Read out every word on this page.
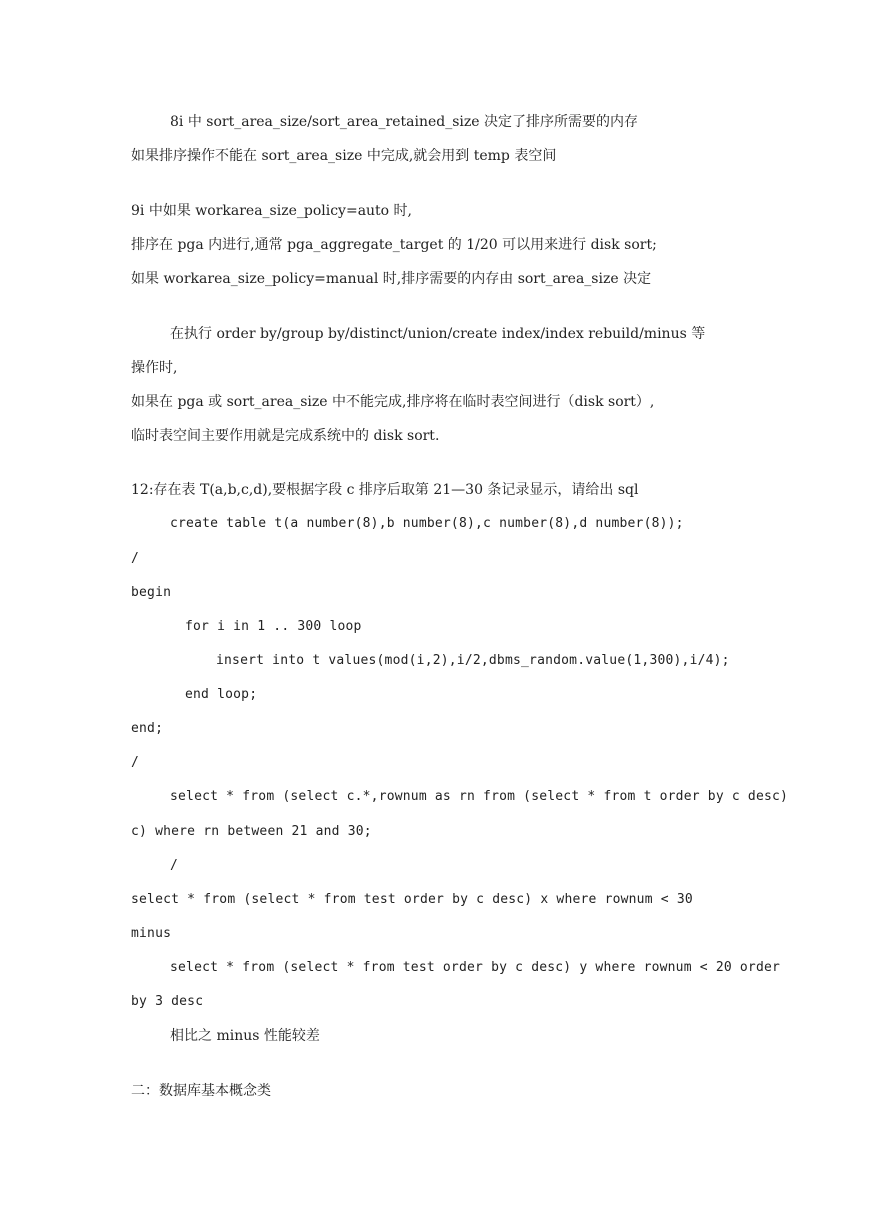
8i 中 sort_area_size/sort_area_retained_size 决定了排序所需要的内存
如果排序操作不能在 sort_area_size 中完成,就会用到 temp 表空间
9i 中如果 workarea_size_policy=auto 时,
排序在 pga 内进行,通常 pga_aggregate_target 的 1/20 可以用来进行 disk sort;
如果 workarea_size_policy=manual 时,排序需要的内存由 sort_area_size 决定
在执行 order by/group by/distinct/union/create index/index rebuild/minus 等
操作时,
如果在 pga 或 sort_area_size 中不能完成,排序将在临时表空间进行（disk sort）,
临时表空间主要作用就是完成系统中的 disk sort.
12:存在表 T(a,b,c,d),要根据字段 c 排序后取第 21—30 条记录显示，请给出 sql
create table t(a number(8),b number(8),c number(8),d number(8));
/
begin
for i in 1 .. 300 loop
insert into t values(mod(i,2),i/2,dbms_random.value(1,300),i/4);
end loop;
end;
/
select * from (select c.*,rownum as rn from (select * from t order by c desc)
c) where rn between 21 and 30;
/
select * from (select * from test order by c desc) x where rownum < 30
minus
select * from (select * from test order by c desc) y where rownum < 20 order
by 3 desc
相比之 minus 性能较差
二：数据库基本概念类
